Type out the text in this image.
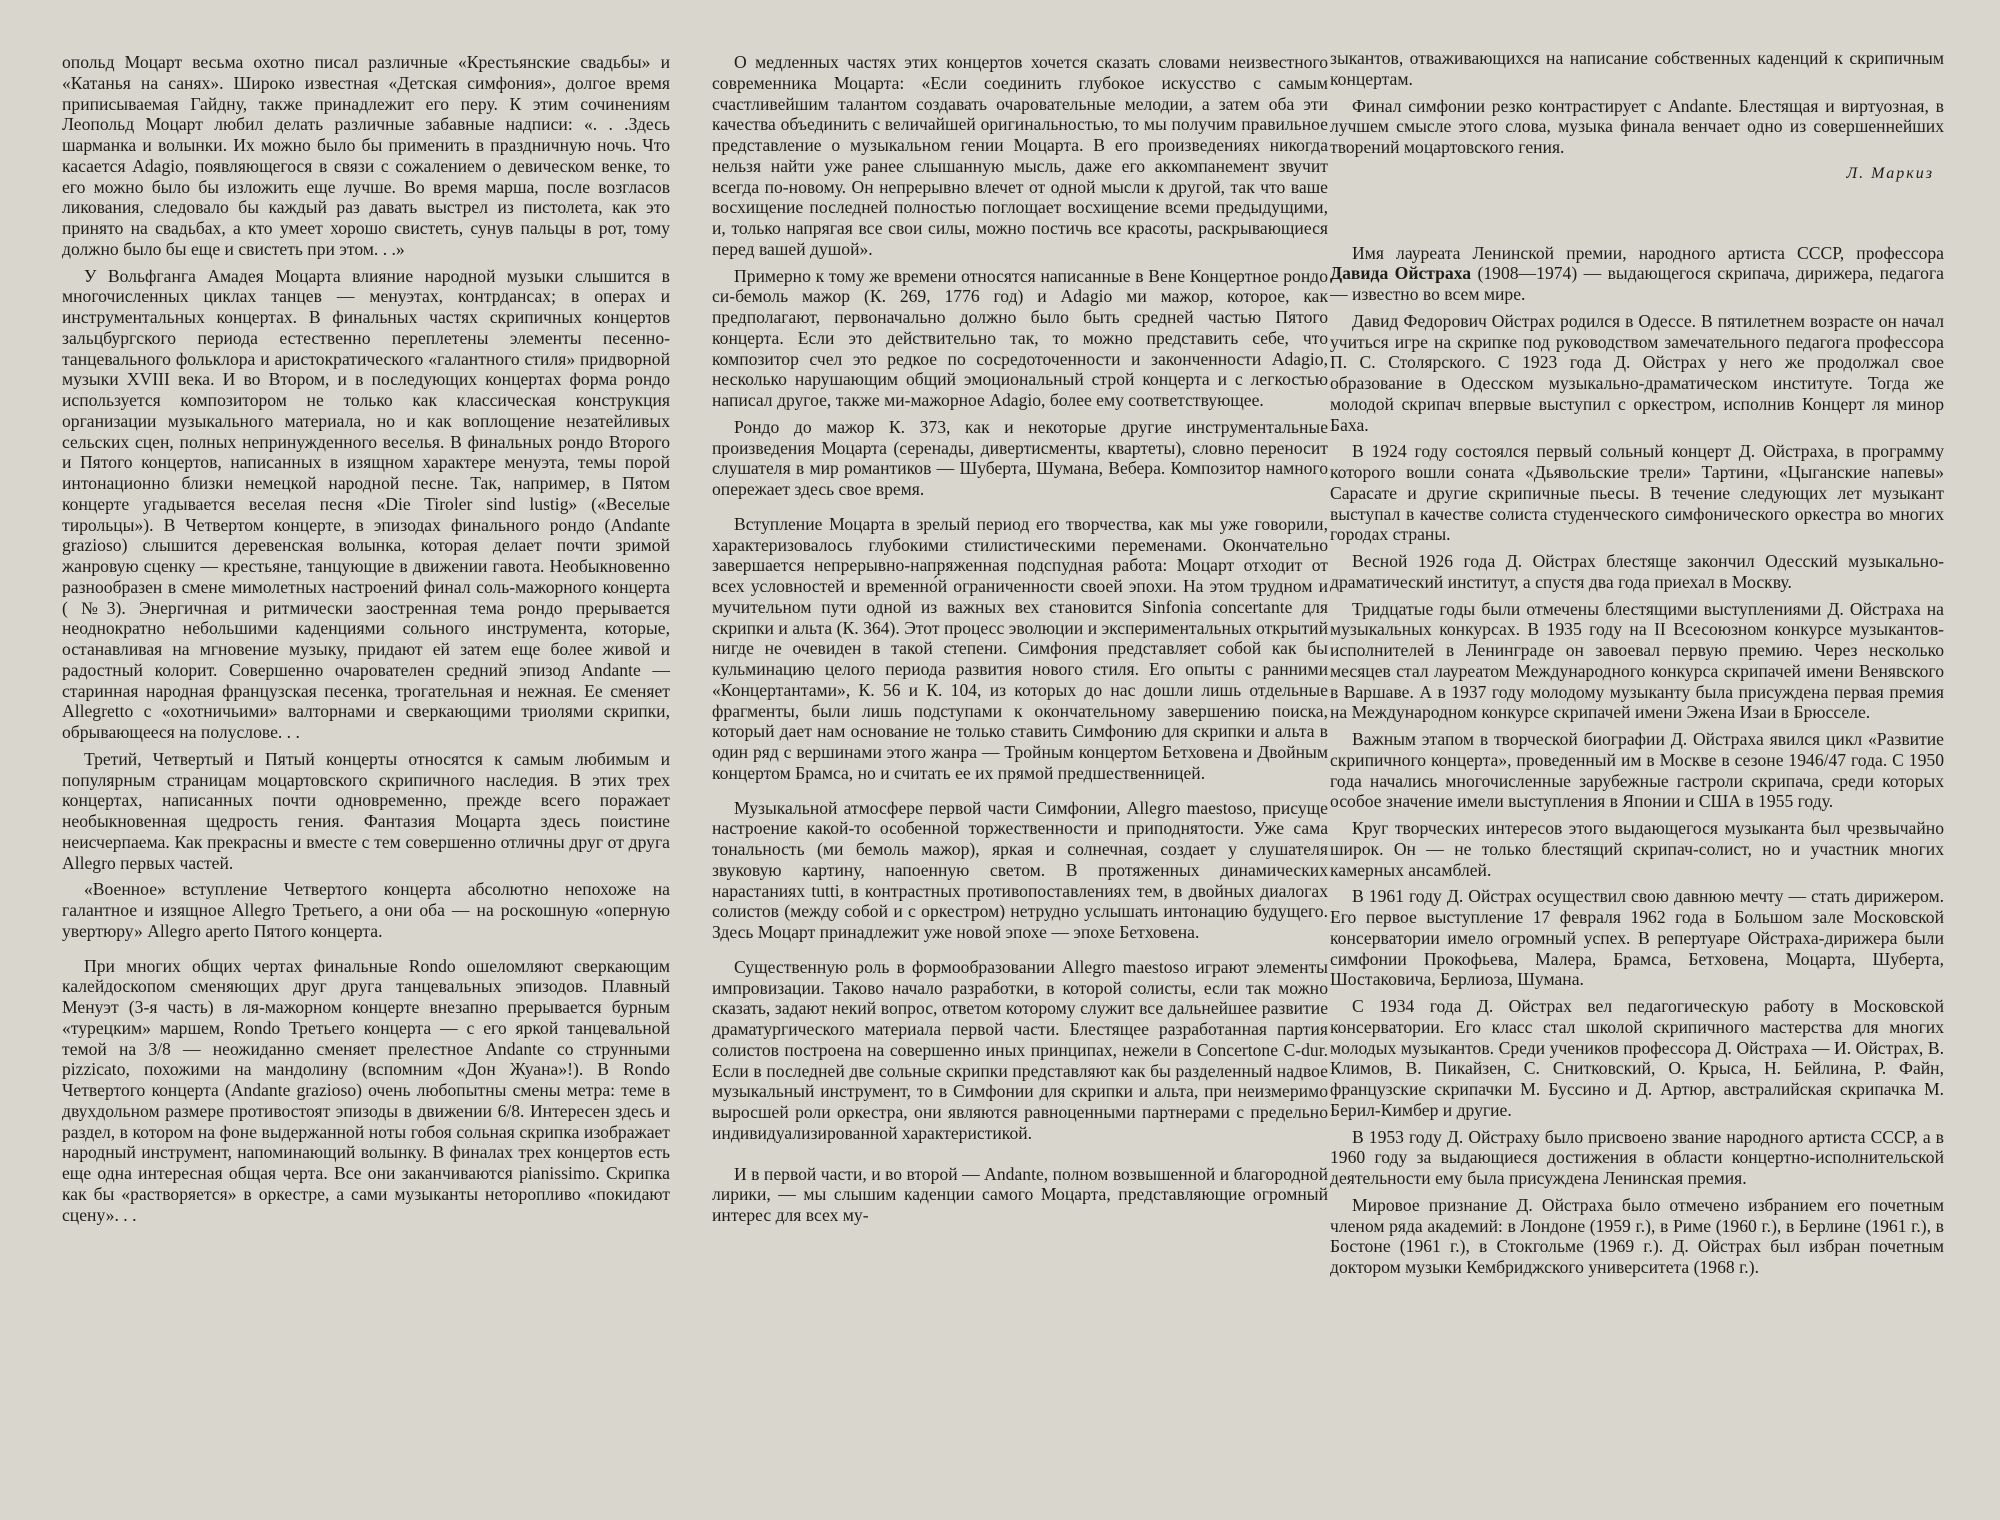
опольд Моцарт весьма охотно писал различные «Крестьянские свадьбы» и «Катанья на санях». Широко известная «Детская симфония», долгое время приписываемая Гайдну, также принадлежит его перу. К этим сочинениям Леопольд Моцарт любил делать различные забавные надписи: «. . .Здесь шарманка и волынки. Их можно было бы применить в праздничную ночь. Что касается Adagio, появляющегося в связи с сожалением о девическом венке, то его можно было бы изложить еще лучше. Во время марша, после возгласов ликования, следовало бы каждый раз давать выстрел из пистолета, как это принято на свадьбах, а кто умеет хорошо свистеть, сунув пальцы в рот, тому должно было бы еще и свистеть при этом. . .»

У Вольфганга Амадея Моцарта влияние народной музыки слышится в многочисленных циклах танцев — менуэтах, контрдансах; в операх и инструментальных концертах. В финальных частях скрипичных концертов зальцбургского периода естественно переплетены элементы песенно-танцевального фольклора и аристократического «галантного стиля» придворной музыки XVIII века. И во Втором, и в последующих концертах форма рондо используется композитором не только как классическая конструкция организации музыкального материала, но и как воплощение незатейливых сельских сцен, полных непринужденного веселья. В финальных рондо Второго и Пятого концертов, написанных в изящном характере менуэта, темы порой интонационно близки немецкой народной песне. Так, например, в Пятом концерте угадывается веселая песня «Die Tiroler sind lustig» («Веселые тирольцы»). В Четвертом концерте, в эпизодах финального рондо (Andante grazioso) слышится деревенская волынка, которая делает почти зримой жанровую сценку — крестьяне, танцующие в движении гавота. Необыкновенно разнообразен в смене мимолетных настроений финал соль-мажорного концерта ( №3). Энергичная и ритмически заостренная тема рондо прерывается неоднократно небольшими каденциями сольного инструмента, которые, останавливая на мгновение музыку, придают ей затем еще более живой и радостный колорит. Совершенно очарователен средний эпизод Andante — старинная народная французская песенка, трогательная и нежная. Ее сменяет Allegretto с «охотничьими» валторнами и сверкающими триолями скрипки, обрывающееся на полуслове. . .

Третий, Четвертый и Пятый концерты относятся к самым любимым и популярным страницам моцартовского скрипичного наследия. В этих трех концертах, написанных почти одновременно, прежде всего поражает необыкновенная щедрость гения. Фантазия Моцарта здесь поистине неисчерпаема. Как прекрасны и вместе с тем совершенно отличны друг от друга Allegro первых частей.

«Военное» вступление Четвертого концерта абсолютно непохоже на галантное и изящное Allegro Третьего, а они оба — на роскошную «оперную увертюру» Allegro aperto Пятого концерта.

При многих общих чертах финальные Rondo ошеломляют сверкающим калейдоскопом сменяющих друг друга танцевальных эпизодов. Плавный Менуэт (3-я часть) в ля-мажорном концерте внезапно прерывается бурным «турецким» маршем, Rondo Третьего концерта — с его яркой танцевальной темой на 3/8 — неожиданно сменяет прелестное Andante со струнными pizzicato, похожими на мандолину (вспомним «Дон Жуана»!). В Rondo Четвертого концерта (Andante grazioso) очень любопытны смены метра: теме в двухдольном размере противостоят эпизоды в движении 6/8. Интересен здесь и раздел, в котором на фоне выдержанной ноты гобоя сольная скрипка изображает народный инструмент, напоминающий волынку. В финалах трех концертов есть еще одна интересная общая черта. Все они заканчиваются pianissimo. Скрипка как бы «растворяется» в оркестре, а сами музыканты неторопливо «покидают сцену». . .

О медленных частях этих концертов хочется сказать словами неизвестного современника Моцарта: «Если соединить глубокое искусство с самым счастливейшим талантом создавать очаровательные мелодии, а затем оба эти качества объединить с величайшей оригинальностью, то мы получим правильное представление о музыкальном гении Моцарта. В его произведениях никогда нельзя найти уже ранее слышанную мысль, даже его аккомпанемент звучит всегда по-новому. Он непрерывно влечет от одной мысли к другой, так что ваше восхищение последней полностью поглощает восхищение всеми предыдущими, и, только напрягая все свои силы, можно постичь все красоты, раскрывающиеся перед вашей душой».

Примерно к тому же времени относятся написанные в Вене Концертное рондо си-бемоль мажор (К. 269, 1776 год) и Adagio ми мажор, которое, как предполагают, первоначально должно было быть средней частью Пятого концерта. Если это действительно так, то можно представить себе, что композитор счел это редкое по сосредоточенности и законченности Adagio, несколько нарушающим общий эмоциональный строй концерта и с легкостью написал другое, также ми-мажорное Adagio, более ему соответствующее.

Рондо до мажор К. 373, как и некоторые другие инструментальные произведения Моцарта (серенады, дивертисменты, квартеты), словно переносит слушателя в мир романтиков — Шуберта, Шумана, Вебера. Композитор намного опережает здесь свое время.

Вступление Моцарта в зрелый период его творчества, как мы уже говорили, характеризовалось глубокими стилистическими переменами. Окончательно завершается непрерывно-напряженная подспудная работа: Моцарт отходит от всех условностей и временно́й ограниченности своей эпохи. На этом трудном и мучительном пути одной из важных вех становится Sinfonia concertante для скрипки и альта (К. 364). Этот процесс эволюции и экспериментальных открытий нигде не очевиден в такой степени. Симфония представляет собой как бы кульминацию целого периода развития нового стиля. Его опыты с ранними «Концертантами», К. 56 и К. 104, из которых до нас дошли лишь отдельные фрагменты, были лишь подступами к окончательному завершению поиска, который дает нам основание не только ставить Симфонию для скрипки и альта в один ряд с вершинами этого жанра — Тройным концертом Бетховена и Двойным концертом Брамса, но и считать ее их прямой предшественницей.

Музыкальной атмосфере первой части Симфонии, Allegro maestoso, присуще настроение какой-то особенной торжественности и приподнятости. Уже сама тональность (ми бемоль мажор), яркая и солнечная, создает у слушателя звуковую картину, напоенную светом. В протяженных динамических нарастаниях tutti, в контрастных противопоставлениях тем, в двойных диалогах солистов (между собой и с оркестром) нетрудно услышать интонацию будущего. Здесь Моцарт принадлежит уже новой эпохе — эпохе Бетховена.

Существенную роль в формообразовании Allegro maestoso играют элементы импровизации. Таково начало разработки, в которой солисты, если так можно сказать, задают некий вопрос, ответом которому служит все дальнейшее развитие драматургического материала первой части. Блестящее разработанная партия солистов построена на совершенно иных принципах, нежели в Concertone C-dur. Если в последней две сольные скрипки представляют как бы разделенный надвое музыкальный инструмент, то в Симфонии для скрипки и альта, при неизмеримо выросшей роли оркестра, они являются равноценными партнерами с предельно индивидуализированной характеристикой.

И в первой части, и во второй — Andante, полном возвышенной и благородной лирики, — мы слышим каденции самого Моцарта, представляющие огромный интерес для всех му-

зыкантов, отваживающихся на написание собственных каденций к скрипичным концертам.

Финал симфонии резко контрастирует с Andante. Блестящая и виртуозная, в лучшем смысле этого слова, музыка финала венчает одно из совершеннейших творений моцартовского гения.

Л. Маркиз

Имя лауреата Ленинской премии, народного артиста СССР, профессора Давида Ойстраха (1908—1974) — выдающегося скрипача, дирижера, педагога — известно во всем мире.

Давид Федорович Ойстрах родился в Одессе. В пятилетнем возрасте он начал учиться игре на скрипке под руководством замечательного педагога профессора П. С. Столярского. С 1923 года Д. Ойстрах у него же продолжал свое образование в Одесском музыкально-драматическом институте. Тогда же молодой скрипач впервые выступил с оркестром, исполнив Концерт ля минор Баха.

В 1924 году состоялся первый сольный концерт Д. Ойстраха, в программу которого вошли соната «Дьявольские трели» Тартини, «Цыганские напевы» Сарасате и другие скрипичные пьесы. В течение следующих лет музыкант выступал в качестве солиста студенческого симфонического оркестра во многих городах страны.

Весной 1926 года Д. Ойстрах блестяще закончил Одесский музыкально-драматический институт, а спустя два года приехал в Москву.

Тридцатые годы были отмечены блестящими выступлениями Д. Ойстраха на музыкальных конкурсах. В 1935 году на II Всесоюзном конкурсе музыкантов-исполнителей в Ленинграде он завоевал первую премию. Через несколько месяцев стал лауреатом Международного конкурса скрипачей имени Венявского в Варшаве. А в 1937 году молодому музыканту была присуждена первая премия на Международном конкурсе скрипачей имени Эжена Изаи в Брюсселе.

Важным этапом в творческой биографии Д. Ойстраха явился цикл «Развитие скрипичного концерта», проведенный им в Москве в сезоне 1946/47 года. С 1950 года начались многочисленные зарубежные гастроли скрипача, среди которых особое значение имели выступления в Японии и США в 1955 году.

Круг творческих интересов этого выдающегося музыканта был чрезвычайно широк. Он — не только блестящий скрипач-солист, но и участник многих камерных ансамблей.

В 1961 году Д. Ойстрах осуществил свою давнюю мечту — стать дирижером. Его первое выступление 17 февраля 1962 года в Большом зале Московской консерватории имело огромный успех. В репертуаре Ойстраха-дирижера были симфонии Прокофьева, Малера, Брамса, Бетховена, Моцарта, Шуберта, Шостаковича, Берлиоза, Шумана.

С 1934 года Д. Ойстрах вел педагогическую работу в Московской консерватории. Его класс стал школой скрипичного мастерства для многих молодых музыкантов. Среди учеников профессора Д. Ойстраха — И. Ойстрах, В. Климов, В. Пикайзен, С. Снитковский, О. Крыса, Н. Бейлина, Р. Файн, французские скрипачки М. Буссино и Д. Артюр, австралийская скрипачка М. Берил-Кимбер и другие.

В 1953 году Д. Ойстраху было присвоено звание народного артиста СССР, а в 1960 году за выдающиеся достижения в области концертно-исполнительской деятельности ему была присуждена Ленинская премия.

Мировое признание Д. Ойстраха было отмечено избранием его почетным членом ряда академий: в Лондоне (1959 г.), в Риме (1960 г.), в Берлине (1961 г.), в Бостоне (1961 г.), в Стокгольме (1969 г.). Д. Ойстрах был избран почетным доктором музыки Кембриджского университета (1968 г.).
